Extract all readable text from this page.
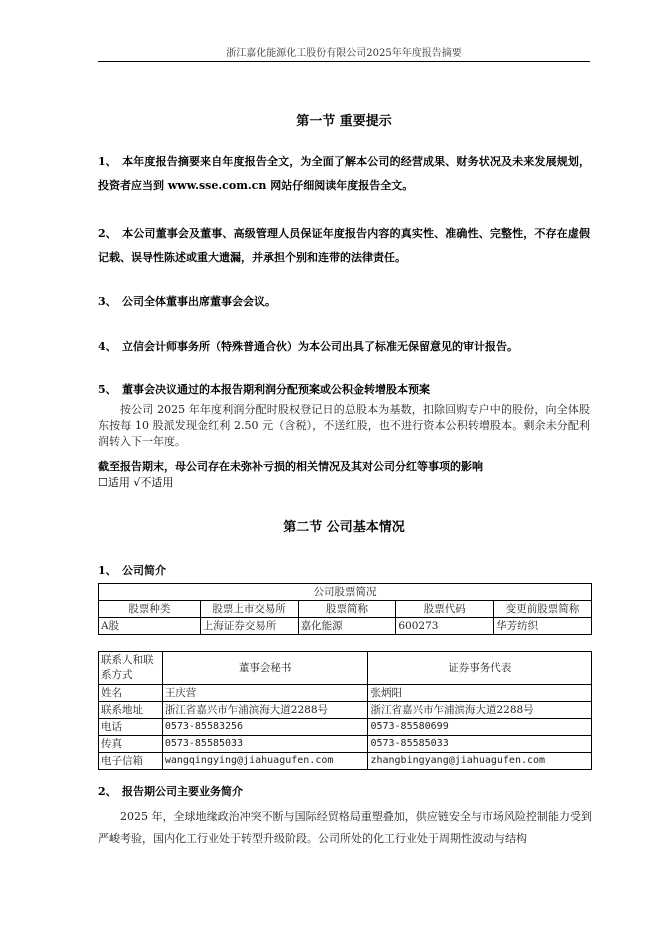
浙江嘉化能源化工股份有限公司2025年年度报告摘要
第一节 重要提示
1、 本年度报告摘要来自年度报告全文，为全面了解本公司的经营成果、财务状况及未来发展规划，投资者应当到 www.sse.com.cn 网站仔细阅读年度报告全文。
2、 本公司董事会及董事、高级管理人员保证年度报告内容的真实性、准确性、完整性，不存在虚假记载、误导性陈述或重大遗漏，并承担个别和连带的法律责任。
3、 公司全体董事出席董事会会议。
4、 立信会计师事务所（特殊普通合伙）为本公司出具了标准无保留意见的审计报告。
5、 董事会决议通过的本报告期利润分配预案或公积金转增股本预案
按公司 2025 年年度利润分配时股权登记日的总股本为基数，扣除回购专户中的股份，向全体股东按每 10 股派发现金红利 2.50 元（含税），不送红股，也不进行资本公积转增股本。剩余未分配利润转入下一年度。
截至报告期末，母公司存在未弥补亏损的相关情况及其对公司分红等事项的影响
☐适用 √不适用
第二节 公司基本情况
1、 公司简介
公司股票简况				
股票种类	股票上市交易所	股票简称	股票代码	变更前股票简称
A股	上海证券交易所	嘉化能源	600273	华芳纺织
联系人和联系方式	董事会秘书	证券事务代表
姓名	王庆营	张炳阳
联系地址	浙江省嘉兴市乍浦滨海大道2288号	浙江省嘉兴市乍浦滨海大道2288号
电话	0573-85583256	0573-85580699
传真	0573-85585033	0573-85585033
电子信箱	wangqingying@jiahuagufen.com	zhangbingyang@jiahuagufen.com
2、 报告期公司主要业务简介
2025 年，全球地缘政治冲突不断与国际经贸格局重塑叠加，供应链安全与市场风险控制能力受到严峻考验，国内化工行业处于转型升级阶段。公司所处的化工行业处于周期性波动与结构
